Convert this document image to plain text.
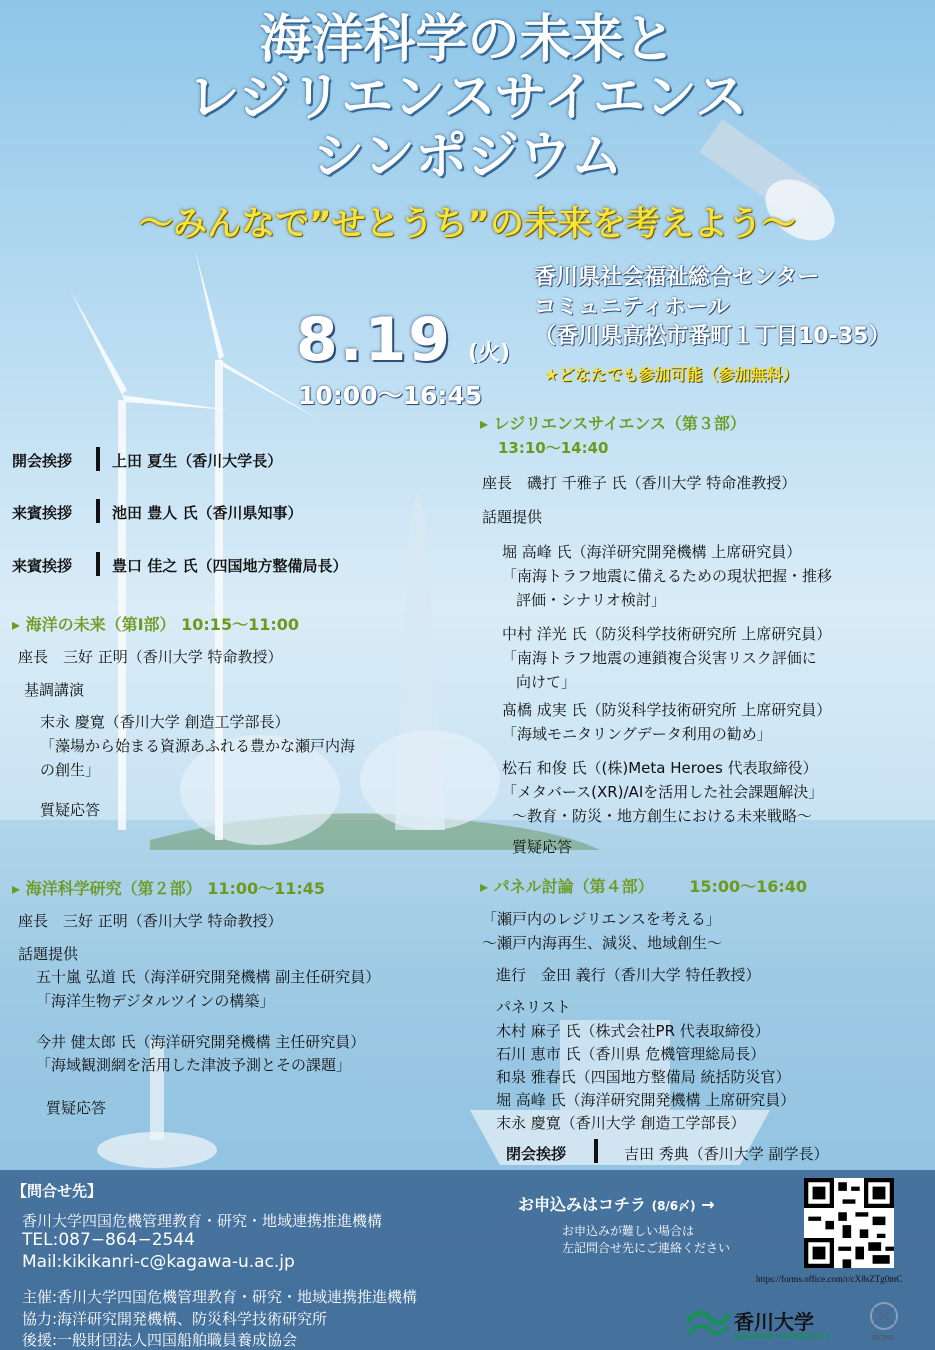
海洋科学の未来と
レジリエンスサイエンス
シンポジウム
〜みんなで”せとうち”の未来を考えよう〜
8.19 (火)
10:00〜16:45
香川県社会福祉総合センター
コミュニティホール
（香川県高松市番町１丁目10-35）
★どなたでも参加可能（参加無料）
開会挨拶	上田 夏生（香川大学長）
来賓挨拶	池田 豊人 氏（香川県知事）
来賓挨拶	豊口 佳之 氏（四国地方整備局長）
▸ 海洋の未来（第Ⅰ部） 10:15〜11:00
座長　三好 正明（香川大学 特命教授）
基調講演
末永 慶寛（香川大学 創造工学部長）
「藻場から始まる資源あふれる豊かな瀬戸内海
の創生」
質疑応答
▸ 海洋科学研究（第２部） 11:00〜11:45
座長　三好 正明（香川大学 特命教授）
話題提供
五十嵐 弘道 氏（海洋研究開発機構 副主任研究員）
「海洋生物デジタルツインの構築」
今井 健太郎 氏（海洋研究開発機構 主任研究員）
「海域観測網を活用した津波予測とその課題」
質疑応答
▸ レジリエンスサイエンス（第３部）
13:10〜14:40
座長　磯打 千雅子 氏（香川大学 特命准教授）
話題提供
堀 高峰 氏（海洋研究開発機構 上席研究員）
「南海トラフ地震に備えるための現状把握・推移
評価・シナリオ検討」
中村 洋光 氏（防災科学技術研究所 上席研究員）
「南海トラフ地震の連鎖複合災害リスク評価に
向けて」
髙橋 成実 氏（防災科学技術研究所 上席研究員）
「海域モニタリングデータ利用の勧め」
松石 和俊 氏（(株)Meta Heroes 代表取締役）
「メタバース(XR)/AIを活用した社会課題解決」
〜教育・防災・地方創生における未来戦略〜
質疑応答
▸ パネル討論（第４部） 15:00〜16:40
「瀬戸内のレジリエンスを考える」
〜瀬戸内海再生、減災、地域創生〜
進行　金田 義行（香川大学 特任教授）
パネリスト
木村 麻子 氏（株式会社PR 代表取締役）
石川 恵市 氏（香川県 危機管理総局長）
和泉 雅春氏（四国地方整備局 統括防災官）
堀 高峰 氏（海洋研究開発機構 上席研究員）
末永 慶寛（香川大学 創造工学部長）
閉会挨拶	吉田 秀典（香川大学 副学長）
【問合せ先】
香川大学四国危機管理教育・研究・地域連携推進機構
TEL:087−864−2544
Mail:kikikanri-c@kagawa-u.ac.jp
主催:香川大学四国危機管理教育・研究・地域連携推進機構
協力:海洋研究開発機構、防災科学技術研究所
後援:一般財団法人四国船舶職員養成協会
お申込みはコチラ (8/6〆) →
お申込みが難しい場合は
左記問合せ先にご連絡ください
https://forms.office.com/r/cX8sZTg0mC
香川大学
KAGAWA UNIVERSITY	IECMS
